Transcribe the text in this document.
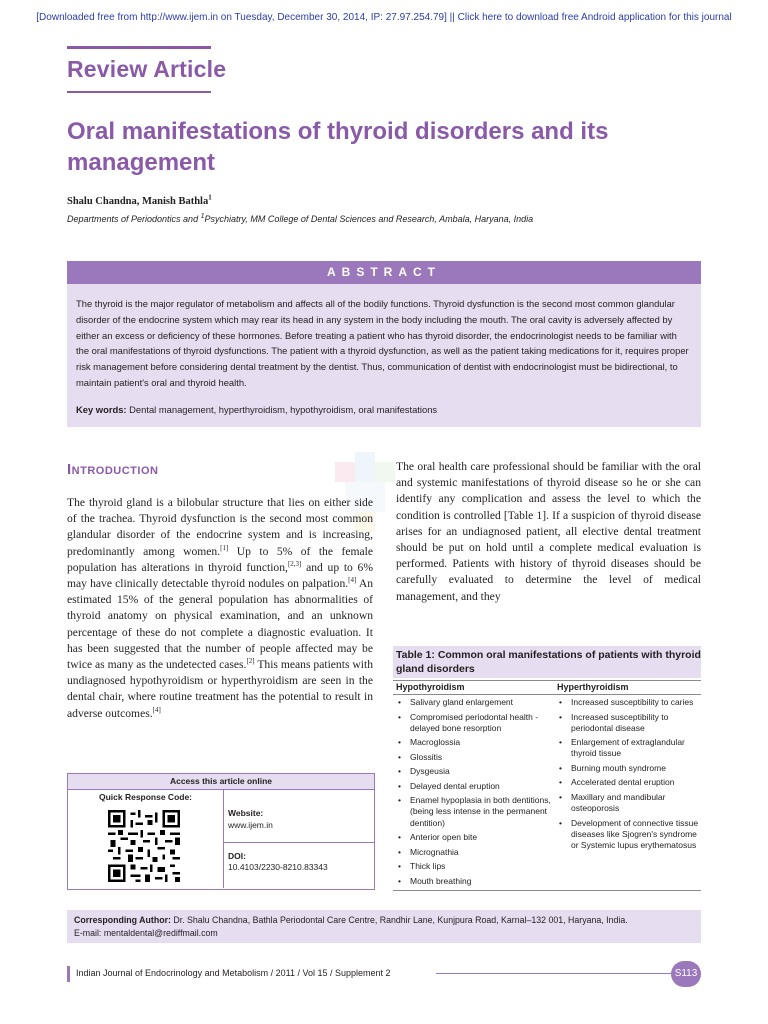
[Downloaded free from http://www.ijem.in on Tuesday, December 30, 2014, IP: 27.97.254.79] || Click here to download free Android application for this journal
Review Article
Oral manifestations of thyroid disorders and its management
Shalu Chandna, Manish Bathla$^1$
Departments of Periodontics and $^1$Psychiatry, MM College of Dental Sciences and Research, Ambala, Haryana, India
ABSTRACT
The thyroid is the major regulator of metabolism and affects all of the bodily functions. Thyroid dysfunction is the second most common glandular disorder of the endocrine system which may rear its head in any system in the body including the mouth. The oral cavity is adversely affected by either an excess or deficiency of these hormones. Before treating a patient who has thyroid disorder, the endocrinologist needs to be familiar with the oral manifestations of thyroid dysfunctions. The patient with a thyroid dysfunction, as well as the patient taking medications for it, requires proper risk management before considering dental treatment by the dentist. Thus, communication of dentist with endocrinologist must be bidirectional, to maintain patient's oral and thyroid health.
Key words: Dental management, hyperthyroidism, hypothyroidism, oral manifestations
Introduction
The thyroid gland is a bilobular structure that lies on either side of the trachea. Thyroid dysfunction is the second most common glandular disorder of the endocrine system and is increasing, predominantly among women.[1] Up to 5% of the female population has alterations in thyroid function,[2,3] and up to 6% may have clinically detectable thyroid nodules on palpation.[4] An estimated 15% of the general population has abnormalities of thyroid anatomy on physical examination, and an unknown percentage of these do not complete a diagnostic evaluation. It has been suggested that the number of people affected may be twice as many as the undetected cases.[2] This means patients with undiagnosed hypothyroidism or hyperthyroidism are seen in the dental chair, where routine treatment has the potential to result in adverse outcomes.[4]
The oral health care professional should be familiar with the oral and systemic manifestations of thyroid disease so he or she can identify any complication and assess the level to which the condition is controlled [Table 1]. If a suspicion of thyroid disease arises for an undiagnosed patient, all elective dental treatment should be put on hold until a complete medical evaluation is performed. Patients with history of thyroid diseases should be carefully evaluated to determine the level of medical management, and they
Access this article online
Quick Response Code:
Website:
www.ijem.in
DOI:
10.4103/2230-8210.83343
Table 1: Common oral manifestations of patients with thyroid gland disorders
Hypothyroidism	Hyperthyroidism
• Salivary gland enlargement
• Compromised periodontal health - delayed bone resorption
• Macroglossia
• Glossitis
• Dysgeusia
• Delayed dental eruption
• Enamel hypoplasia in both dentitions, (being less intense in the permanent dentition)
• Anterior open bite
• Micrognathia
• Thick lips
• Mouth breathing
• Increased susceptibility to caries
• Increased susceptibility to periodontal disease
• Enlargement of extraglandular thyroid tissue
• Burning mouth syndrome
• Accelerated dental eruption
• Maxillary and mandibular osteoporosis
• Development of connective tissue diseases like Sjogren's syndrome or Systemic lupus erythematosus
Corresponding Author: Dr. Shalu Chandna, Bathla Periodontal Care Centre, Randhir Lane, Kunjpura Road, Karnal–132 001, Haryana, India.
E-mail: mentaldental@rediffmail.com
Indian Journal of Endocrinology and Metabolism / 2011 / Vol 15 / Supplement 2	S113
